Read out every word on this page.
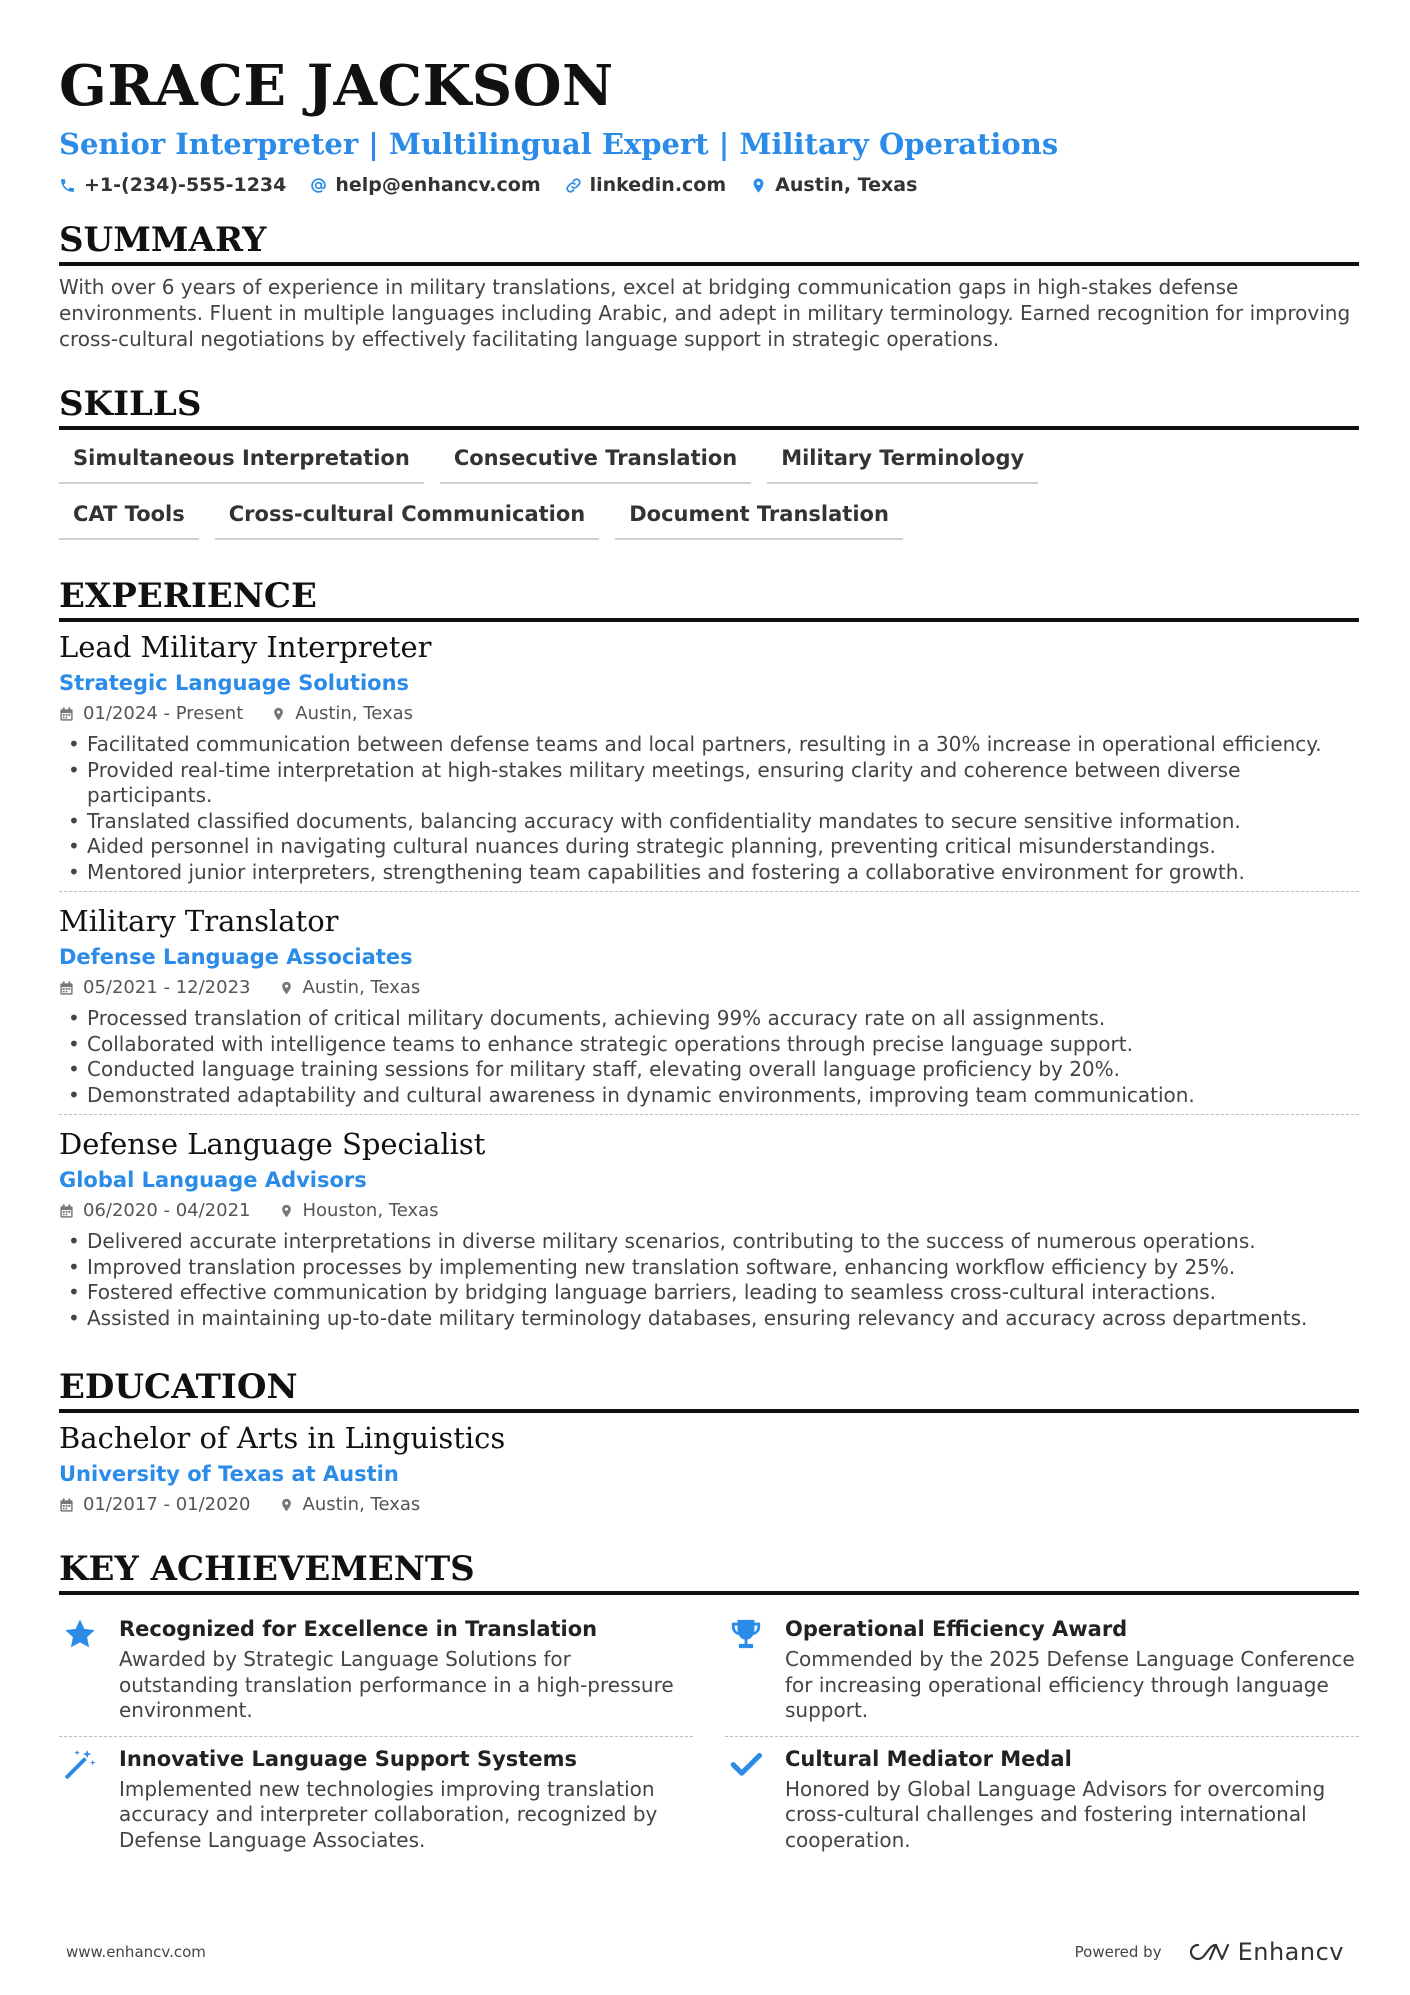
GRACE JACKSON
Senior Interpreter | Multilingual Expert | Military Operations
+1-(234)-555-1234	help@enhancv.com	linkedin.com	Austin, Texas
SUMMARY

With over 6 years of experience in military translations, excel at bridging communication gaps in high-stakes defense environments. Fluent in multiple languages including Arabic, and adept in military terminology. Earned recognition for improving cross-cultural negotiations by effectively facilitating language support in strategic operations.

SKILLS
Simultaneous Interpretation	Consecutive Translation	Military Terminology
CAT Tools	Cross-cultural Communication	Document Translation
EXPERIENCE
Lead Military Interpreter
Strategic Language Solutions
01/2024 - Present	Austin, Texas
• Facilitated communication between defense teams and local partners, resulting in a 30% increase in operational efficiency.
• Provided real-time interpretation at high-stakes military meetings, ensuring clarity and coherence between diverse participants.
• Translated classified documents, balancing accuracy with confidentiality mandates to secure sensitive information.
• Aided personnel in navigating cultural nuances during strategic planning, preventing critical misunderstandings.
• Mentored junior interpreters, strengthening team capabilities and fostering a collaborative environment for growth.
Military Translator
Defense Language Associates
05/2021 - 12/2023	Austin, Texas
• Processed translation of critical military documents, achieving 99% accuracy rate on all assignments.
• Collaborated with intelligence teams to enhance strategic operations through precise language support.
• Conducted language training sessions for military staff, elevating overall language proficiency by 20%.
• Demonstrated adaptability and cultural awareness in dynamic environments, improving team communication.
Defense Language Specialist
Global Language Advisors
06/2020 - 04/2021	Houston, Texas
• Delivered accurate interpretations in diverse military scenarios, contributing to the success of numerous operations.
• Improved translation processes by implementing new translation software, enhancing workflow efficiency by 25%.
• Fostered effective communication by bridging language barriers, leading to seamless cross-cultural interactions.
• Assisted in maintaining up-to-date military terminology databases, ensuring relevancy and accuracy across departments.
EDUCATION
Bachelor of Arts in Linguistics
University of Texas at Austin
01/2017 - 01/2020	Austin, Texas
KEY ACHIEVEMENTS
Recognized for Excellence in Translation
Awarded by Strategic Language Solutions for outstanding translation performance in a high-pressure environment.
Operational Efficiency Award
Commended by the 2025 Defense Language Conference for increasing operational efficiency through language support.
Innovative Language Support Systems
Implemented new technologies improving translation accuracy and interpreter collaboration, recognized by Defense Language Associates.
Cultural Mediator Medal
Honored by Global Language Advisors for overcoming cross-cultural challenges and fostering international cooperation.
www.enhancv.com	Powered by	Enhancv
